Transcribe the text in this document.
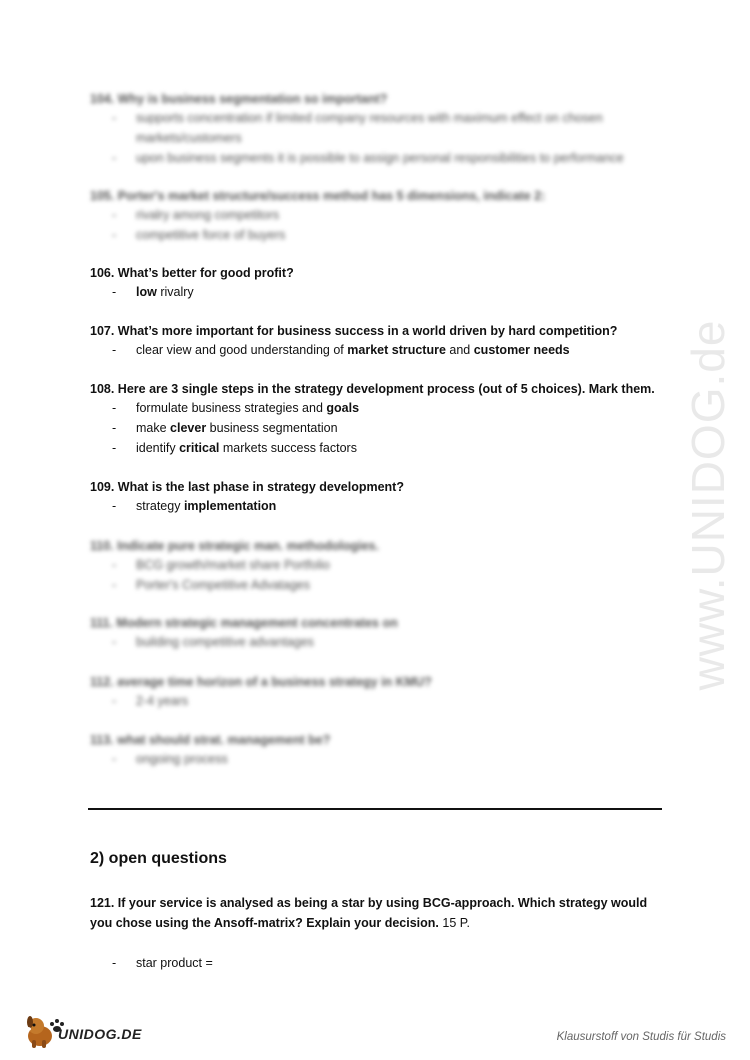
www.UNIDOG.de

104. Why is business segmentation so important?

- supports concentration if limited company resources with maximum effect on chosen markets/customers

- upon business segments it is possible to assign personal responsibilities to performance

105. Porter's market structure/success method has 5 dimensions, indicate 2:

- rivalry among competitors

- competitive force of buyers

106. What’s better for good profit?

- low rivalry

107. What’s more important for business success in a world driven by hard competition?

- clear view and good understanding of market structure and customer needs

108. Here are 3 single steps in the strategy development process (out of 5 choices). Mark them.

- formulate business strategies and goals

- make clever business segmentation

- identify critical markets success factors

109. What is the last phase in strategy development?

- strategy implementation

110. Indicate pure strategic man. methodologies.

- BCG growth/market share Portfolio

- Porter's Competitive Advatages

111. Modern strategic management concentrates on

- building competitive advantages

112. average time horizon of a business strategy in KMU?

- 2-4 years

113. what should strat. management be?

- ongoing process

2) open questions

121. If your service is analysed as being a star by using BCG-approach. Which strategy would you chose using the Ansoff-matrix? Explain your decision. 15 P.

- star product =

UNIDOG.DE	Klausurstoff von Studis für Studis
